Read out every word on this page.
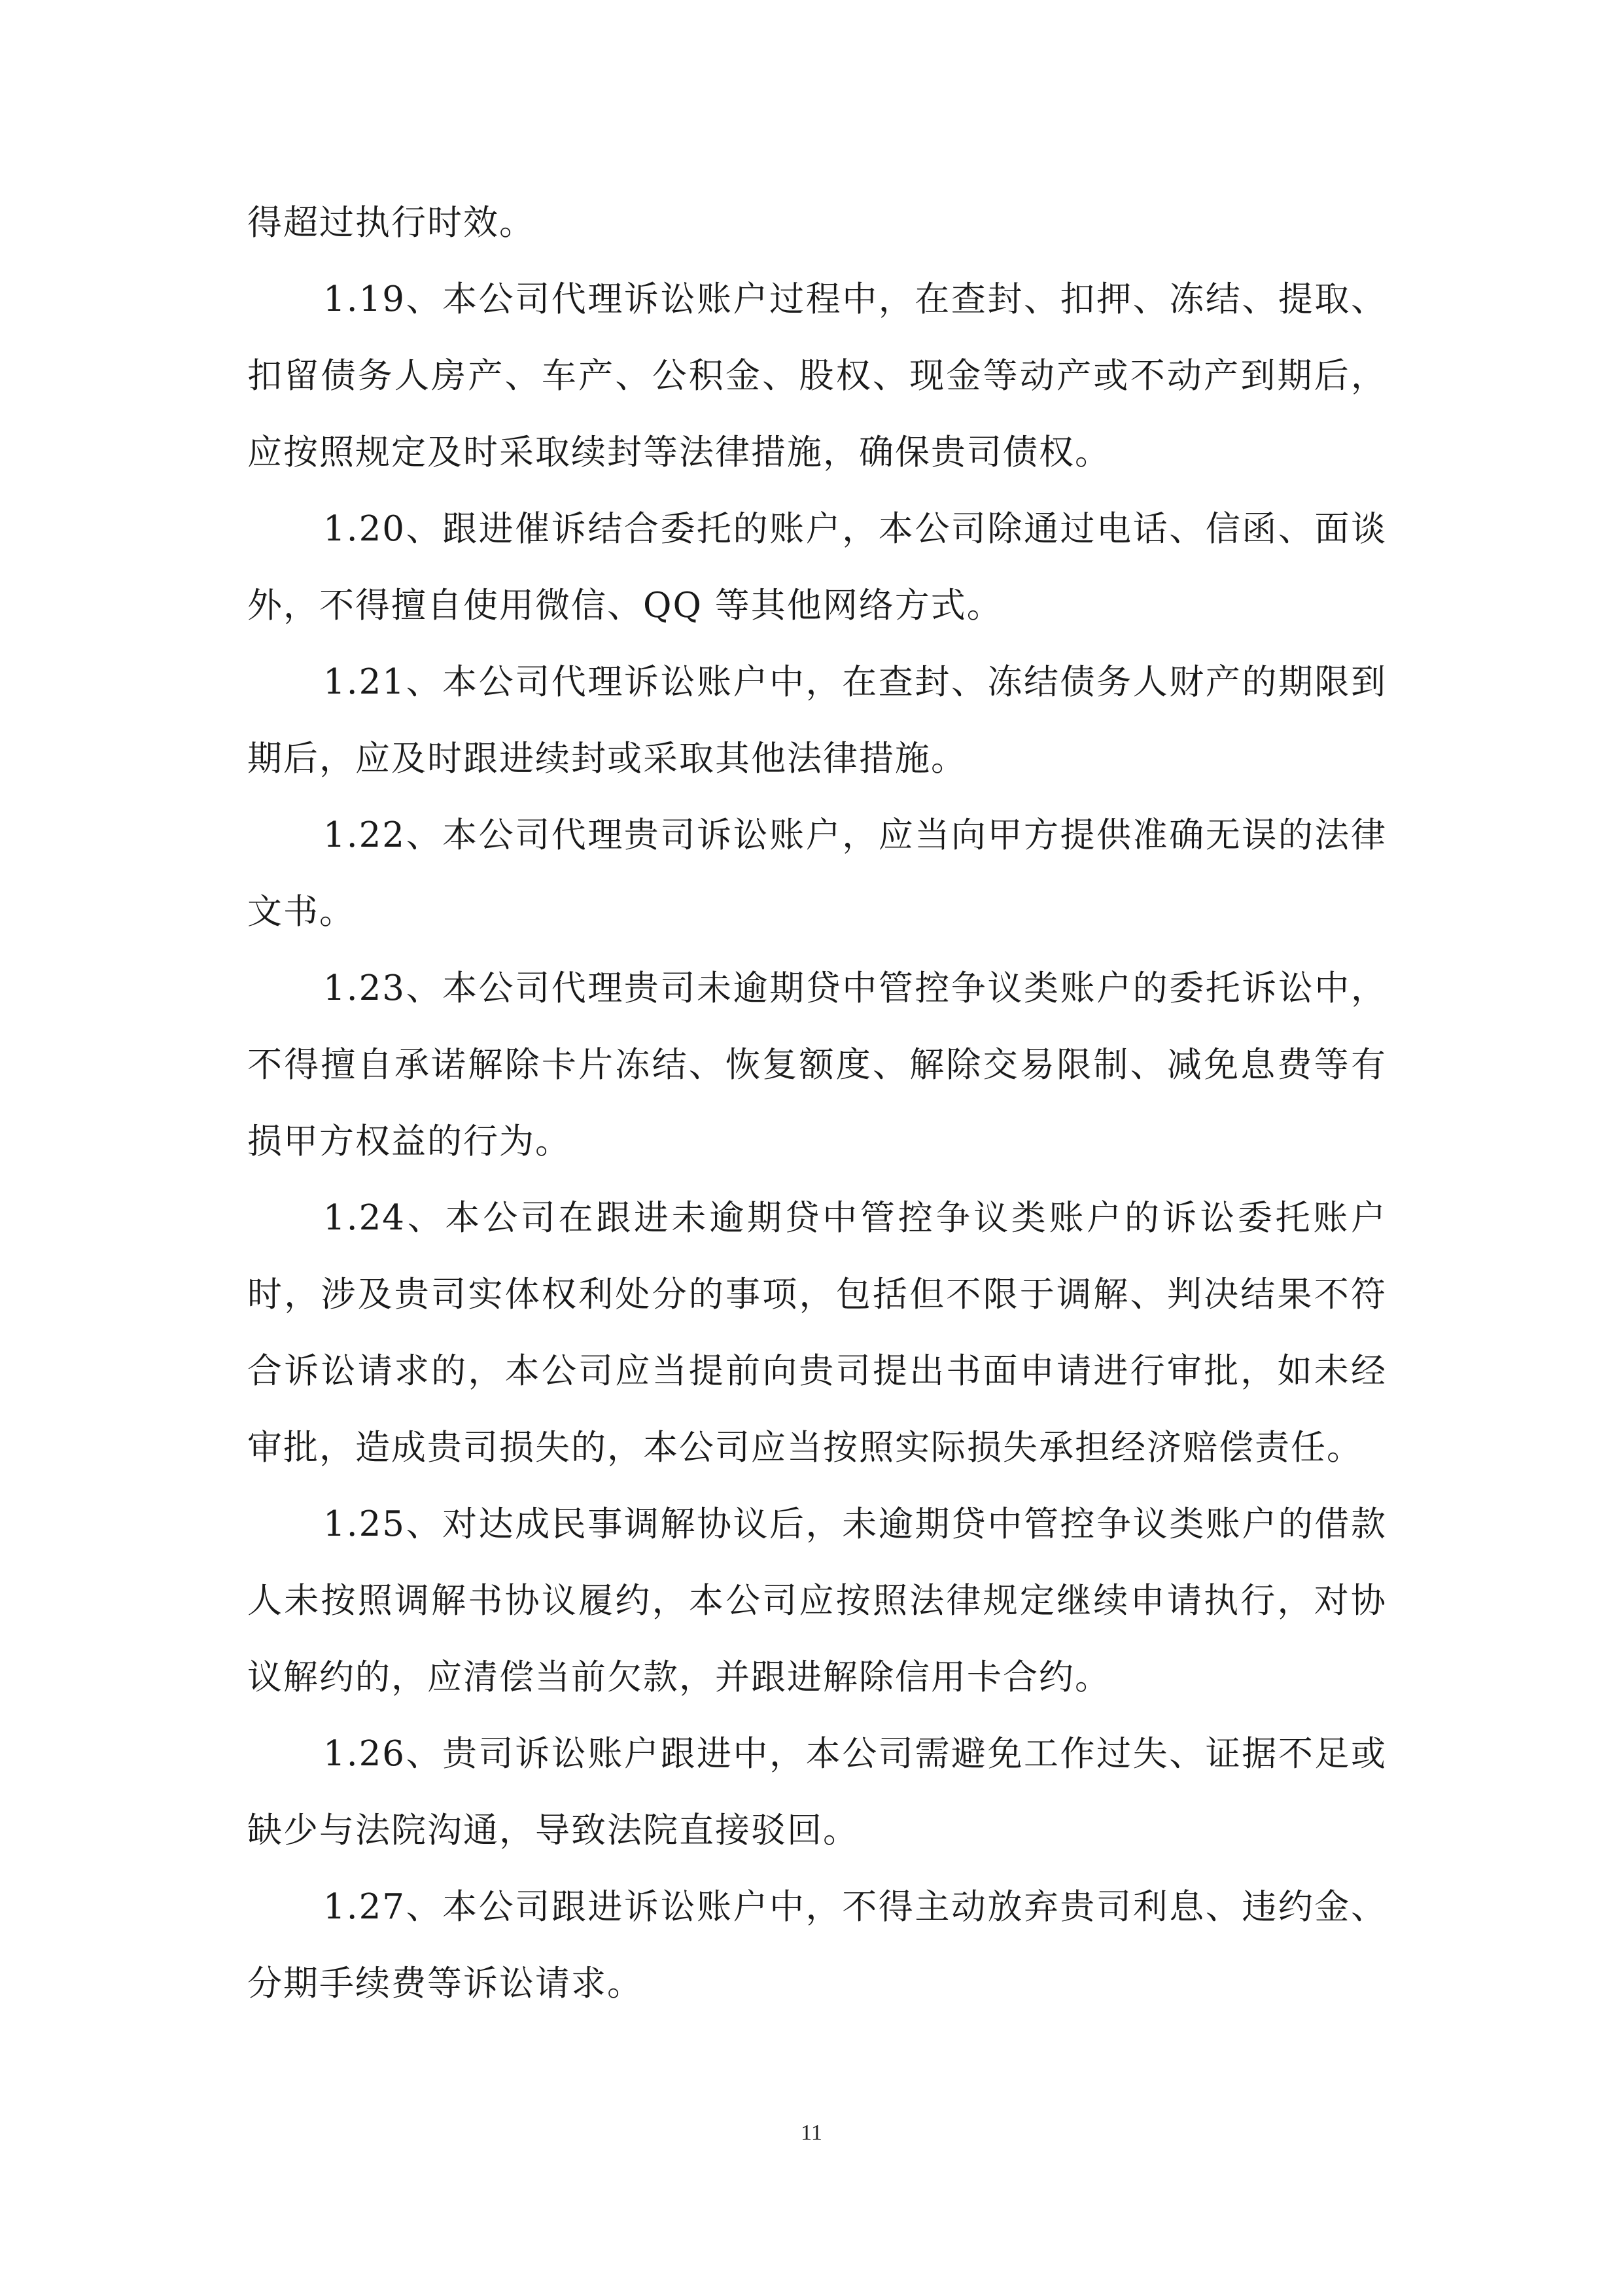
得超过执行时效。

1.19、本公司代理诉讼账户过程中，在查封、扣押、冻结、提取、扣留债务人房产、车产、公积金、股权、现金等动产或不动产到期后，应按照规定及时采取续封等法律措施，确保贵司债权。

1.20、跟进催诉结合委托的账户，本公司除通过电话、信函、面谈外，不得擅自使用微信、QQ 等其他网络方式。

1.21、本公司代理诉讼账户中，在查封、冻结债务人财产的期限到期后，应及时跟进续封或采取其他法律措施。

1.22、本公司代理贵司诉讼账户，应当向甲方提供准确无误的法律文书。

1.23、本公司代理贵司未逾期贷中管控争议类账户的委托诉讼中，不得擅自承诺解除卡片冻结、恢复额度、解除交易限制、减免息费等有损甲方权益的行为。

1.24、本公司在跟进未逾期贷中管控争议类账户的诉讼委托账户时，涉及贵司实体权利处分的事项，包括但不限于调解、判决结果不符合诉讼请求的，本公司应当提前向贵司提出书面申请进行审批，如未经审批，造成贵司损失的，本公司应当按照实际损失承担经济赔偿责任。

1.25、对达成民事调解协议后，未逾期贷中管控争议类账户的借款人未按照调解书协议履约，本公司应按照法律规定继续申请执行，对协议解约的，应清偿当前欠款，并跟进解除信用卡合约。

1.26、贵司诉讼账户跟进中，本公司需避免工作过失、证据不足或缺少与法院沟通，导致法院直接驳回。

1.27、本公司跟进诉讼账户中，不得主动放弃贵司利息、违约金、分期手续费等诉讼请求。

11
